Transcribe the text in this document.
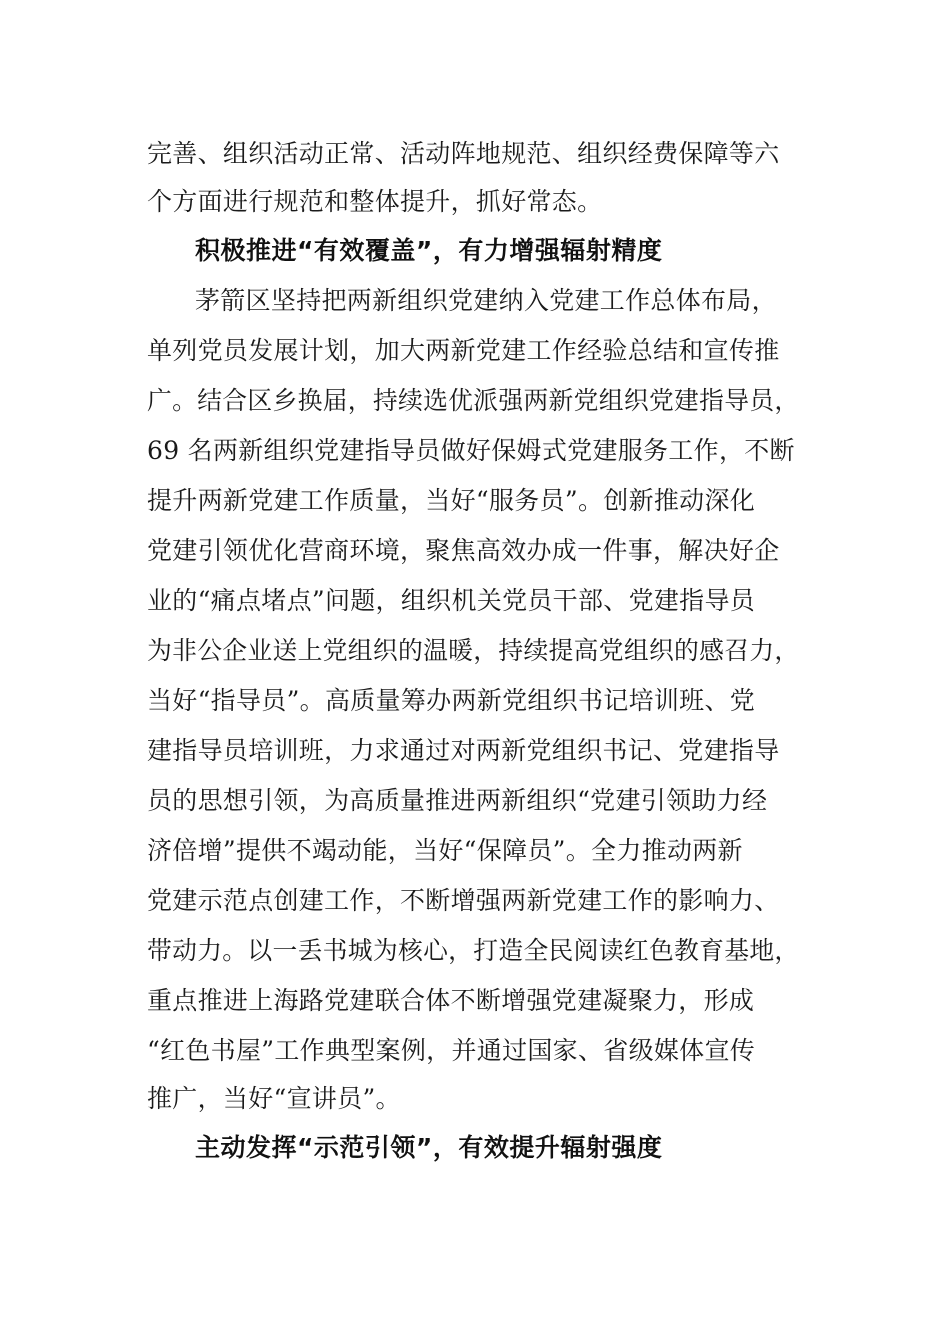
完善、组织活动正常、活动阵地规范、组织经费保障等六
个方面进行规范和整体提升，抓好常态。
积极推进“有效覆盖”，有力增强辐射精度
茅箭区坚持把两新组织党建纳入党建工作总体布局，
单列党员发展计划，加大两新党建工作经验总结和宣传推
广。结合区乡换届，持续选优派强两新党组织党建指导员，
69 名两新组织党建指导员做好保姆式党建服务工作，不断
提升两新党建工作质量，当好“服务员”。创新推动深化
党建引领优化营商环境，聚焦高效办成一件事，解决好企
业的“痛点堵点”问题，组织机关党员干部、党建指导员
为非公企业送上党组织的温暖，持续提高党组织的感召力，
当好“指导员”。高质量筹办两新党组织书记培训班、党
建指导员培训班，力求通过对两新党组织书记、党建指导
员的思想引领，为高质量推进两新组织“党建引领助力经
济倍增”提供不竭动能，当好“保障员”。全力推动两新
党建示范点创建工作，不断增强两新党建工作的影响力、
带动力。以一丢书城为核心，打造全民阅读红色教育基地，
重点推进上海路党建联合体不断增强党建凝聚力，形成
“红色书屋”工作典型案例，并通过国家、省级媒体宣传
推广，当好“宣讲员”。
主动发挥“示范引领”，有效提升辐射强度
